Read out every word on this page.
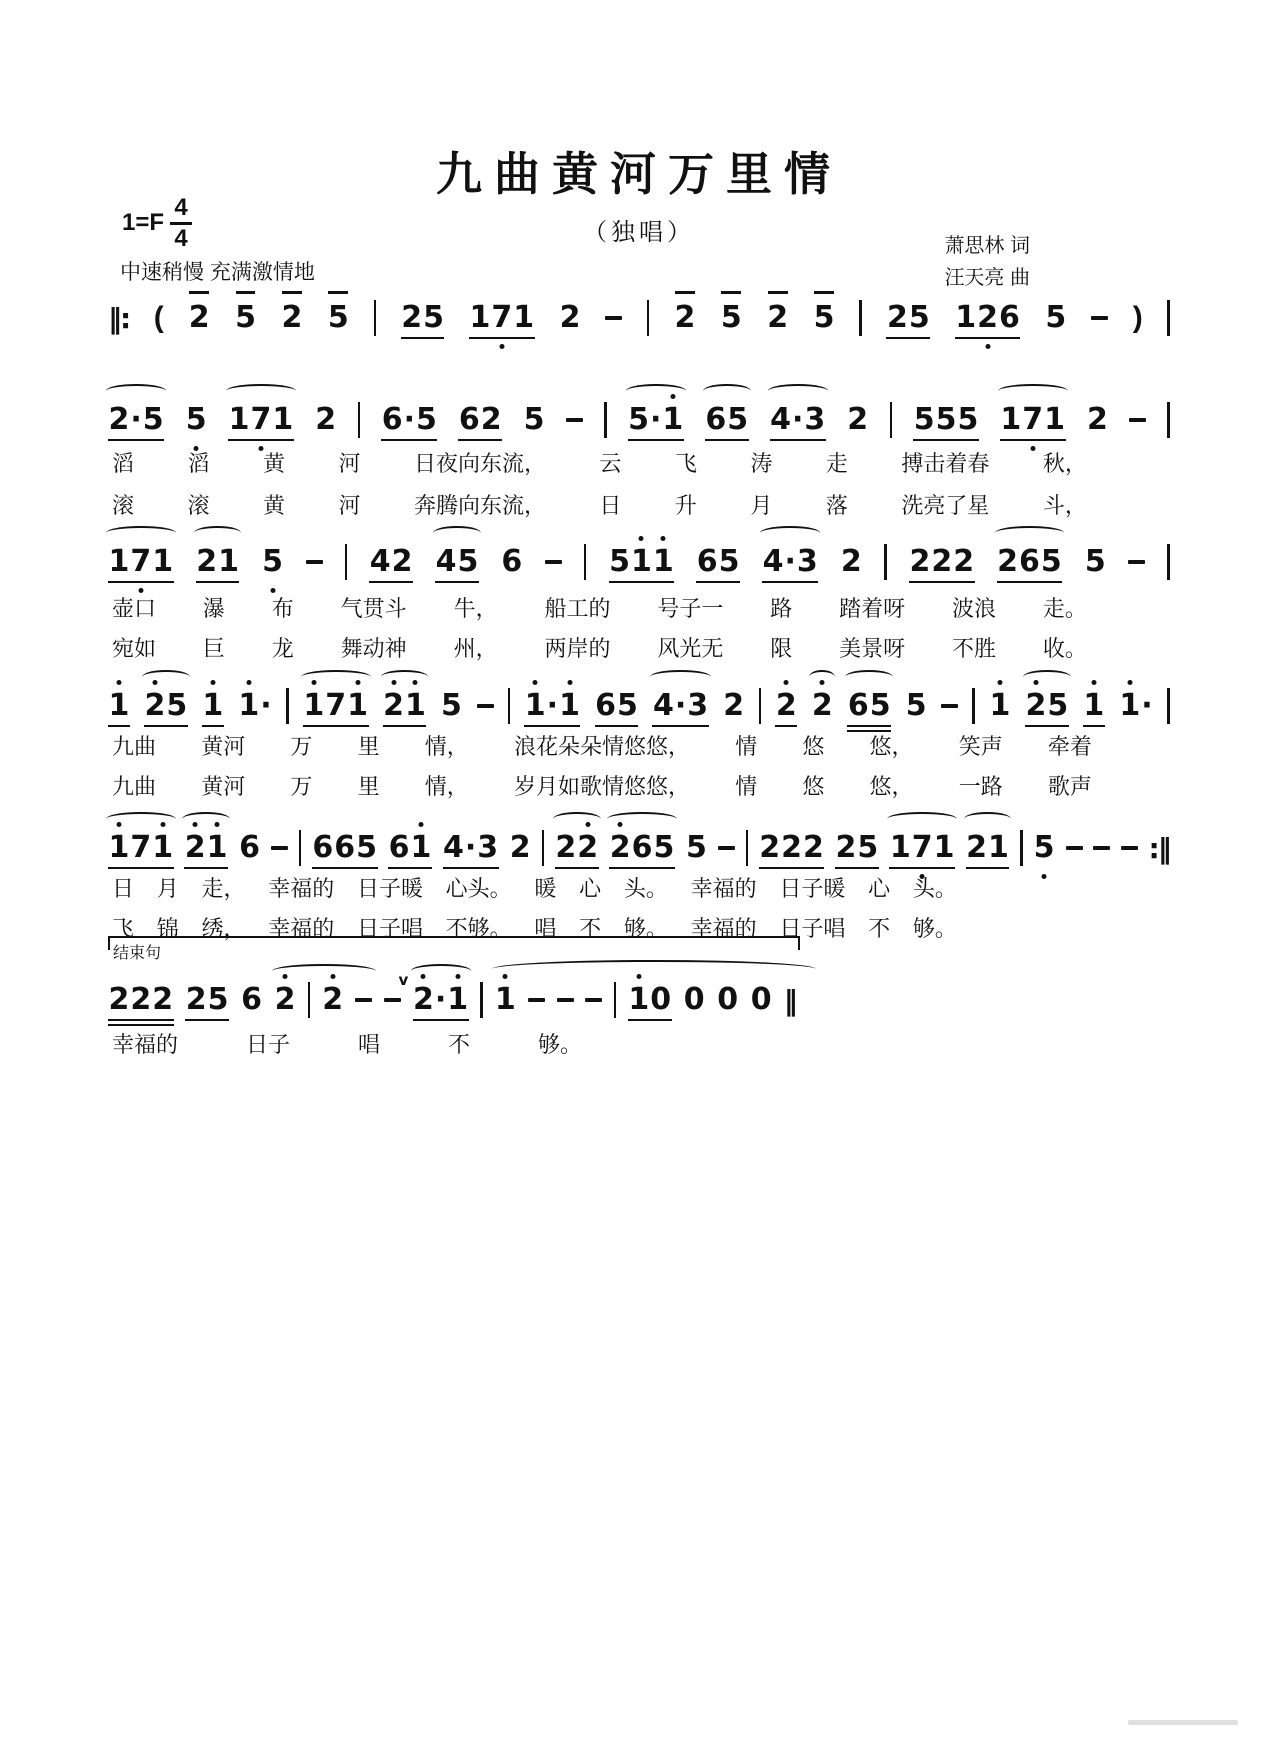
九曲黄河万里情
（独唱）
$1=F \frac{4}{4}$
中速稍慢 充满激情地
萧思林 词
汪天亮 曲
结束句
‖: ( 2 5 2 5 2 5 1 7 1 2	2 5 2 5 2 5 1 2 6 5 )
2 · 5 5 1 7 1 2 6 · 5 6 2 5	5 · 1 6 5 4 · 3 2 5 5 5 1 7 1 2
滔 滔 黄 河 日夜向东流， 云 飞 涛 走 搏击着春 秋，
滚 滚 黄 河 奔腾向东流， 日 升 月 落 洗亮了星 斗，
1 7 1 2 1 5	4 2 4 5 6	5 1 1 6 5 4 · 3 2 2 2 2 2 6 5 5
壶口 瀑 布 气贯斗 牛， 船工的 号子一 路 踏着呀 波浪 走。
宛如 巨 龙 舞动神 州， 两岸的 风光无 限 美景呀 不胜 收。
1 2 5 1 1 · 1 7 1 2 1 5 1 · 1 6 5 4 · 3 2 2 2 6 5 5 1 2 5 1 1 ·
九曲 黄河 万 里 情， 浪花朵朵情悠悠， 情 悠 悠， 笑声 牵着
九曲 黄河 万 里 情， 岁月如歌情悠悠， 情 悠 悠， 一路 歌声
1 7 1 2 1 6 6 6 5 6 1 4 · 3 2 2 2 2 6 5 5 2 2 2 2 5 1 7 1 2 1 5	:‖
日 月 走， 幸福的 日子暖 心头。 暖 心 头。 幸福的 日子暖 心 头。
飞 锦 绣， 幸福的 日子唱 不够。 唱 不 够。 幸福的 日子唱 不 够。
2 2 2 2 5 6 2 2 2 · 1
v
1	1 0 0 0 0 ‖
幸福的	日子	唱	不	够。
